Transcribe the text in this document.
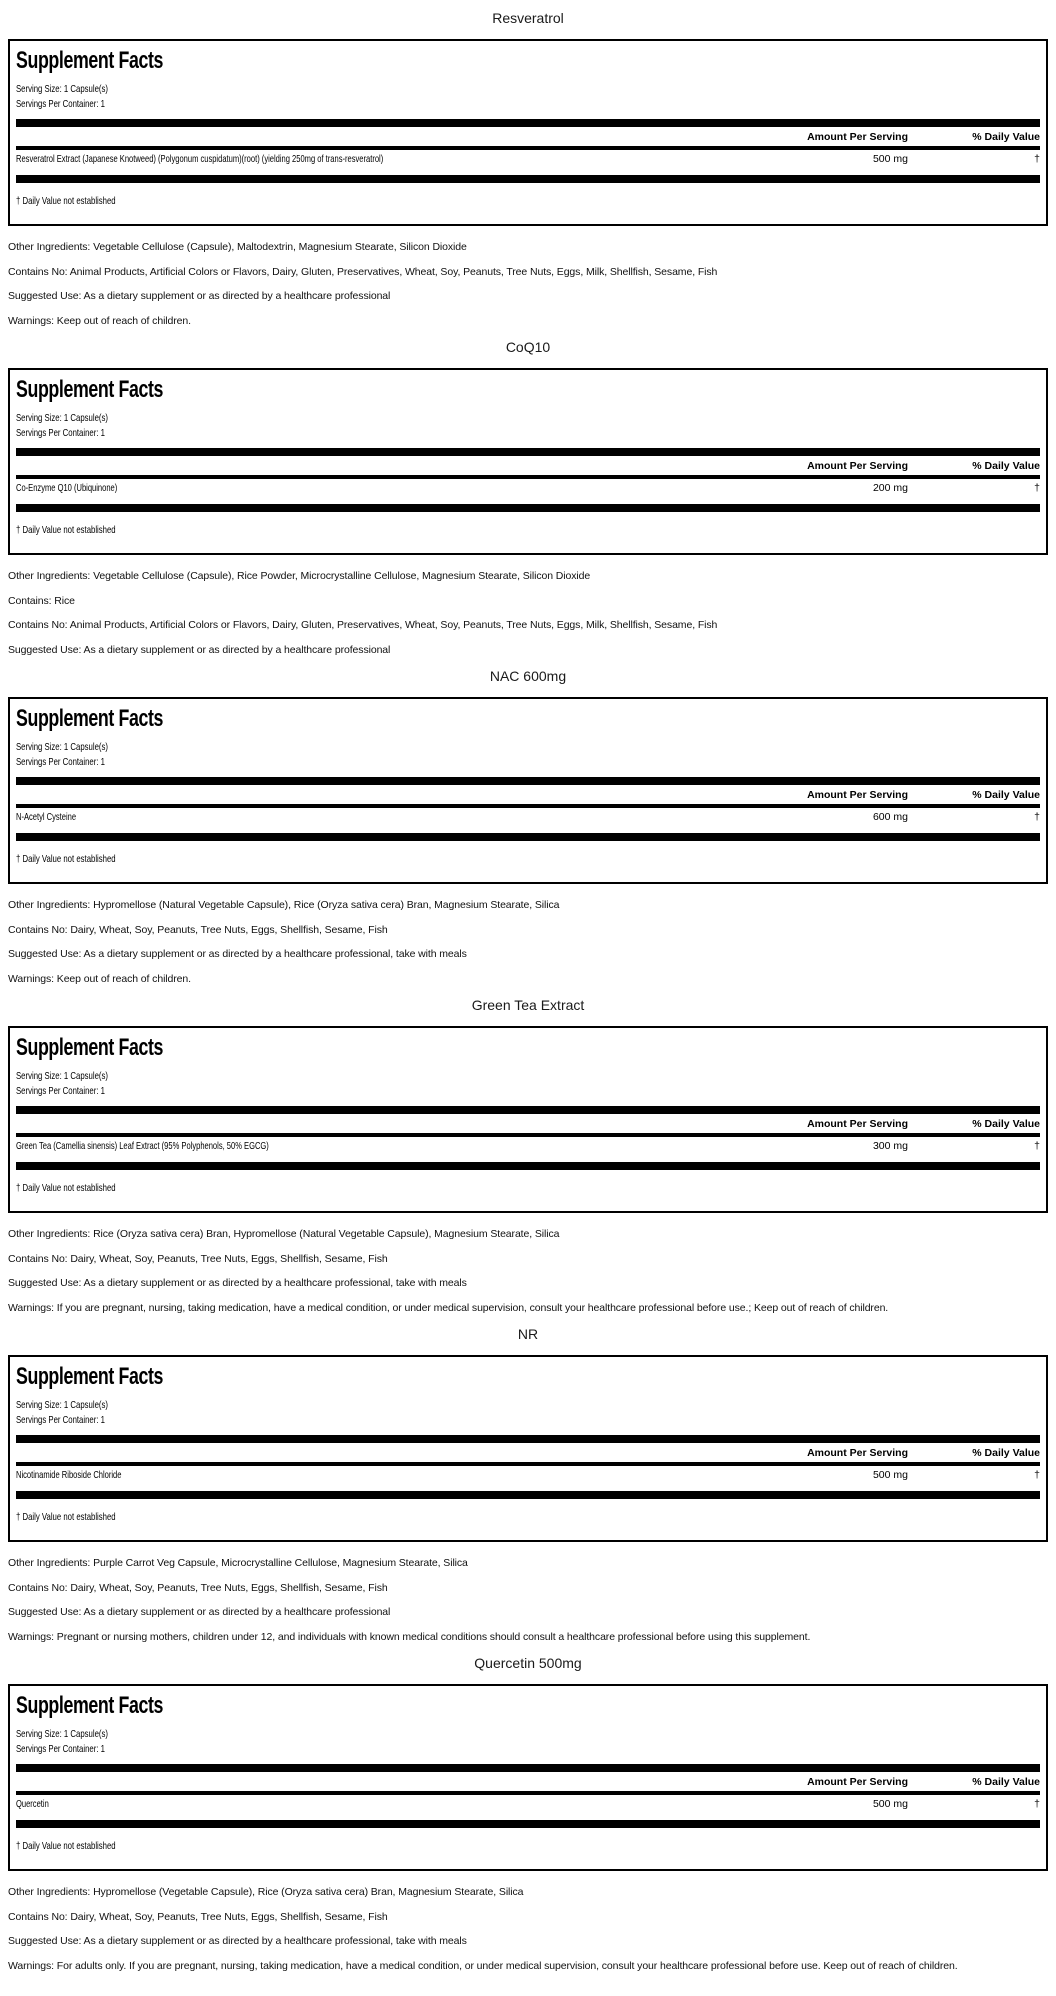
Resveratrol
Supplement Facts
Serving Size: 1 Capsule(s)
Servings Per Container: 1
Amount Per Serving	% Daily Value
Resveratrol Extract (Japanese Knotweed) (Polygonum cuspidatum)(root) (yielding 250mg of trans-resveratrol)	500 mg	†
† Daily Value not established
Other Ingredients: Vegetable Cellulose (Capsule), Maltodextrin, Magnesium Stearate, Silicon Dioxide
Contains No: Animal Products, Artificial Colors or Flavors, Dairy, Gluten, Preservatives, Wheat, Soy, Peanuts, Tree Nuts, Eggs, Milk, Shellfish, Sesame, Fish
Suggested Use: As a dietary supplement or as directed by a healthcare professional
Warnings: Keep out of reach of children.
CoQ10
Supplement Facts
Serving Size: 1 Capsule(s)
Servings Per Container: 1
Amount Per Serving	% Daily Value
Co-Enzyme Q10 (Ubiquinone)	200 mg	†
† Daily Value not established
Other Ingredients: Vegetable Cellulose (Capsule), Rice Powder, Microcrystalline Cellulose, Magnesium Stearate, Silicon Dioxide
Contains: Rice
Contains No: Animal Products, Artificial Colors or Flavors, Dairy, Gluten, Preservatives, Wheat, Soy, Peanuts, Tree Nuts, Eggs, Milk, Shellfish, Sesame, Fish
Suggested Use: As a dietary supplement or as directed by a healthcare professional
NAC 600mg
Supplement Facts
Serving Size: 1 Capsule(s)
Servings Per Container: 1
Amount Per Serving	% Daily Value
N-Acetyl Cysteine	600 mg	†
† Daily Value not established
Other Ingredients: Hypromellose (Natural Vegetable Capsule), Rice (Oryza sativa cera) Bran, Magnesium Stearate, Silica
Contains No: Dairy, Wheat, Soy, Peanuts, Tree Nuts, Eggs, Shellfish, Sesame, Fish
Suggested Use: As a dietary supplement or as directed by a healthcare professional, take with meals
Warnings: Keep out of reach of children.
Green Tea Extract
Supplement Facts
Serving Size: 1 Capsule(s)
Servings Per Container: 1
Amount Per Serving	% Daily Value
Green Tea (Camellia sinensis) Leaf Extract (95% Polyphenols, 50% EGCG)	300 mg	†
† Daily Value not established
Other Ingredients: Rice (Oryza sativa cera) Bran, Hypromellose (Natural Vegetable Capsule), Magnesium Stearate, Silica
Contains No: Dairy, Wheat, Soy, Peanuts, Tree Nuts, Eggs, Shellfish, Sesame, Fish
Suggested Use: As a dietary supplement or as directed by a healthcare professional, take with meals
Warnings: If you are pregnant, nursing, taking medication, have a medical condition, or under medical supervision, consult your healthcare professional before use.; Keep out of reach of children.
NR
Supplement Facts
Serving Size: 1 Capsule(s)
Servings Per Container: 1
Amount Per Serving	% Daily Value
Nicotinamide Riboside Chloride	500 mg	†
† Daily Value not established
Other Ingredients: Purple Carrot Veg Capsule, Microcrystalline Cellulose, Magnesium Stearate, Silica
Contains No: Dairy, Wheat, Soy, Peanuts, Tree Nuts, Eggs, Shellfish, Sesame, Fish
Suggested Use: As a dietary supplement or as directed by a healthcare professional
Warnings: Pregnant or nursing mothers, children under 12, and individuals with known medical conditions should consult a healthcare professional before using this supplement.
Quercetin 500mg
Supplement Facts
Serving Size: 1 Capsule(s)
Servings Per Container: 1
Amount Per Serving	% Daily Value
Quercetin	500 mg	†
† Daily Value not established
Other Ingredients: Hypromellose (Vegetable Capsule), Rice (Oryza sativa cera) Bran, Magnesium Stearate, Silica
Contains No: Dairy, Wheat, Soy, Peanuts, Tree Nuts, Eggs, Shellfish, Sesame, Fish
Suggested Use: As a dietary supplement or as directed by a healthcare professional, take with meals
Warnings: For adults only. If you are pregnant, nursing, taking medication, have a medical condition, or under medical supervision, consult your healthcare professional before use. Keep out of reach of children.
